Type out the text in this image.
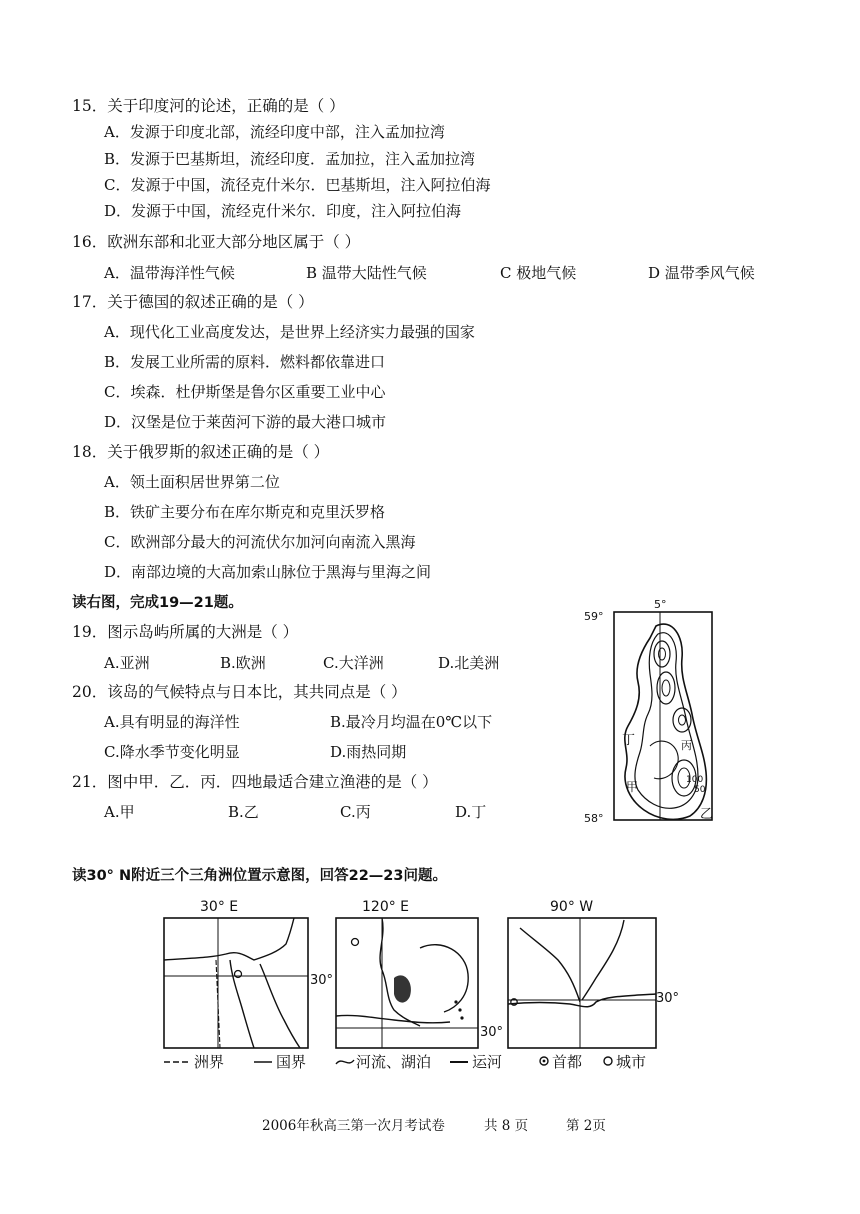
15．关于印度河的论述，正确的是（ ）
A．发源于印度北部，流经印度中部，注入孟加拉湾
B．发源于巴基斯坦，流经印度．孟加拉，注入孟加拉湾
C．发源于中国，流径克什米尔．巴基斯坦，注入阿拉伯海
D．发源于中国，流经克什米尔．印度，注入阿拉伯海
16．欧洲东部和北亚大部分地区属于（ ）
A．温带海洋性气候	B 温带大陆性气候	C 极地气候	D 温带季风气候
17．关于德国的叙述正确的是（ ）
A．现代化工业高度发达，是世界上经济实力最强的国家
B．发展工业所需的原料．燃料都依靠进口
C．埃森．杜伊斯堡是鲁尔区重要工业中心
D．汉堡是位于莱茵河下游的最大港口城市
18．关于俄罗斯的叙述正确的是（ ）
A．领土面积居世界第二位
B．铁矿主要分布在库尔斯克和克里沃罗格
C．欧洲部分最大的河流伏尔加河向南流入黑海
D．南部边境的大高加索山脉位于黑海与里海之间
读右图，完成19—21题。
19．图示岛屿所属的大洲是（ ）
A.亚洲	B.欧洲	C.大洋洲	D.北美洲
20．该岛的气候特点与日本比，其共同点是（ ）
A.具有明显的海洋性	B.最冷月均温在0℃以下
C.降水季节变化明显	D.雨热同期
21．图中甲．乙．丙．四地最适合建立渔港的是（ ）
A.甲	B.乙	C.丙	D.丁
5°
59°
58°
丁	丙
甲	100
50
乙
读30° N附近三个三角洲位置示意图，回答22—23问题。
30° E
30°
120° E
30°
90° W
30°
洲界	国界	河流、湖泊	运河	首都 城市
2006年秋高三第一次月考试卷	共 8 页	第 2页
